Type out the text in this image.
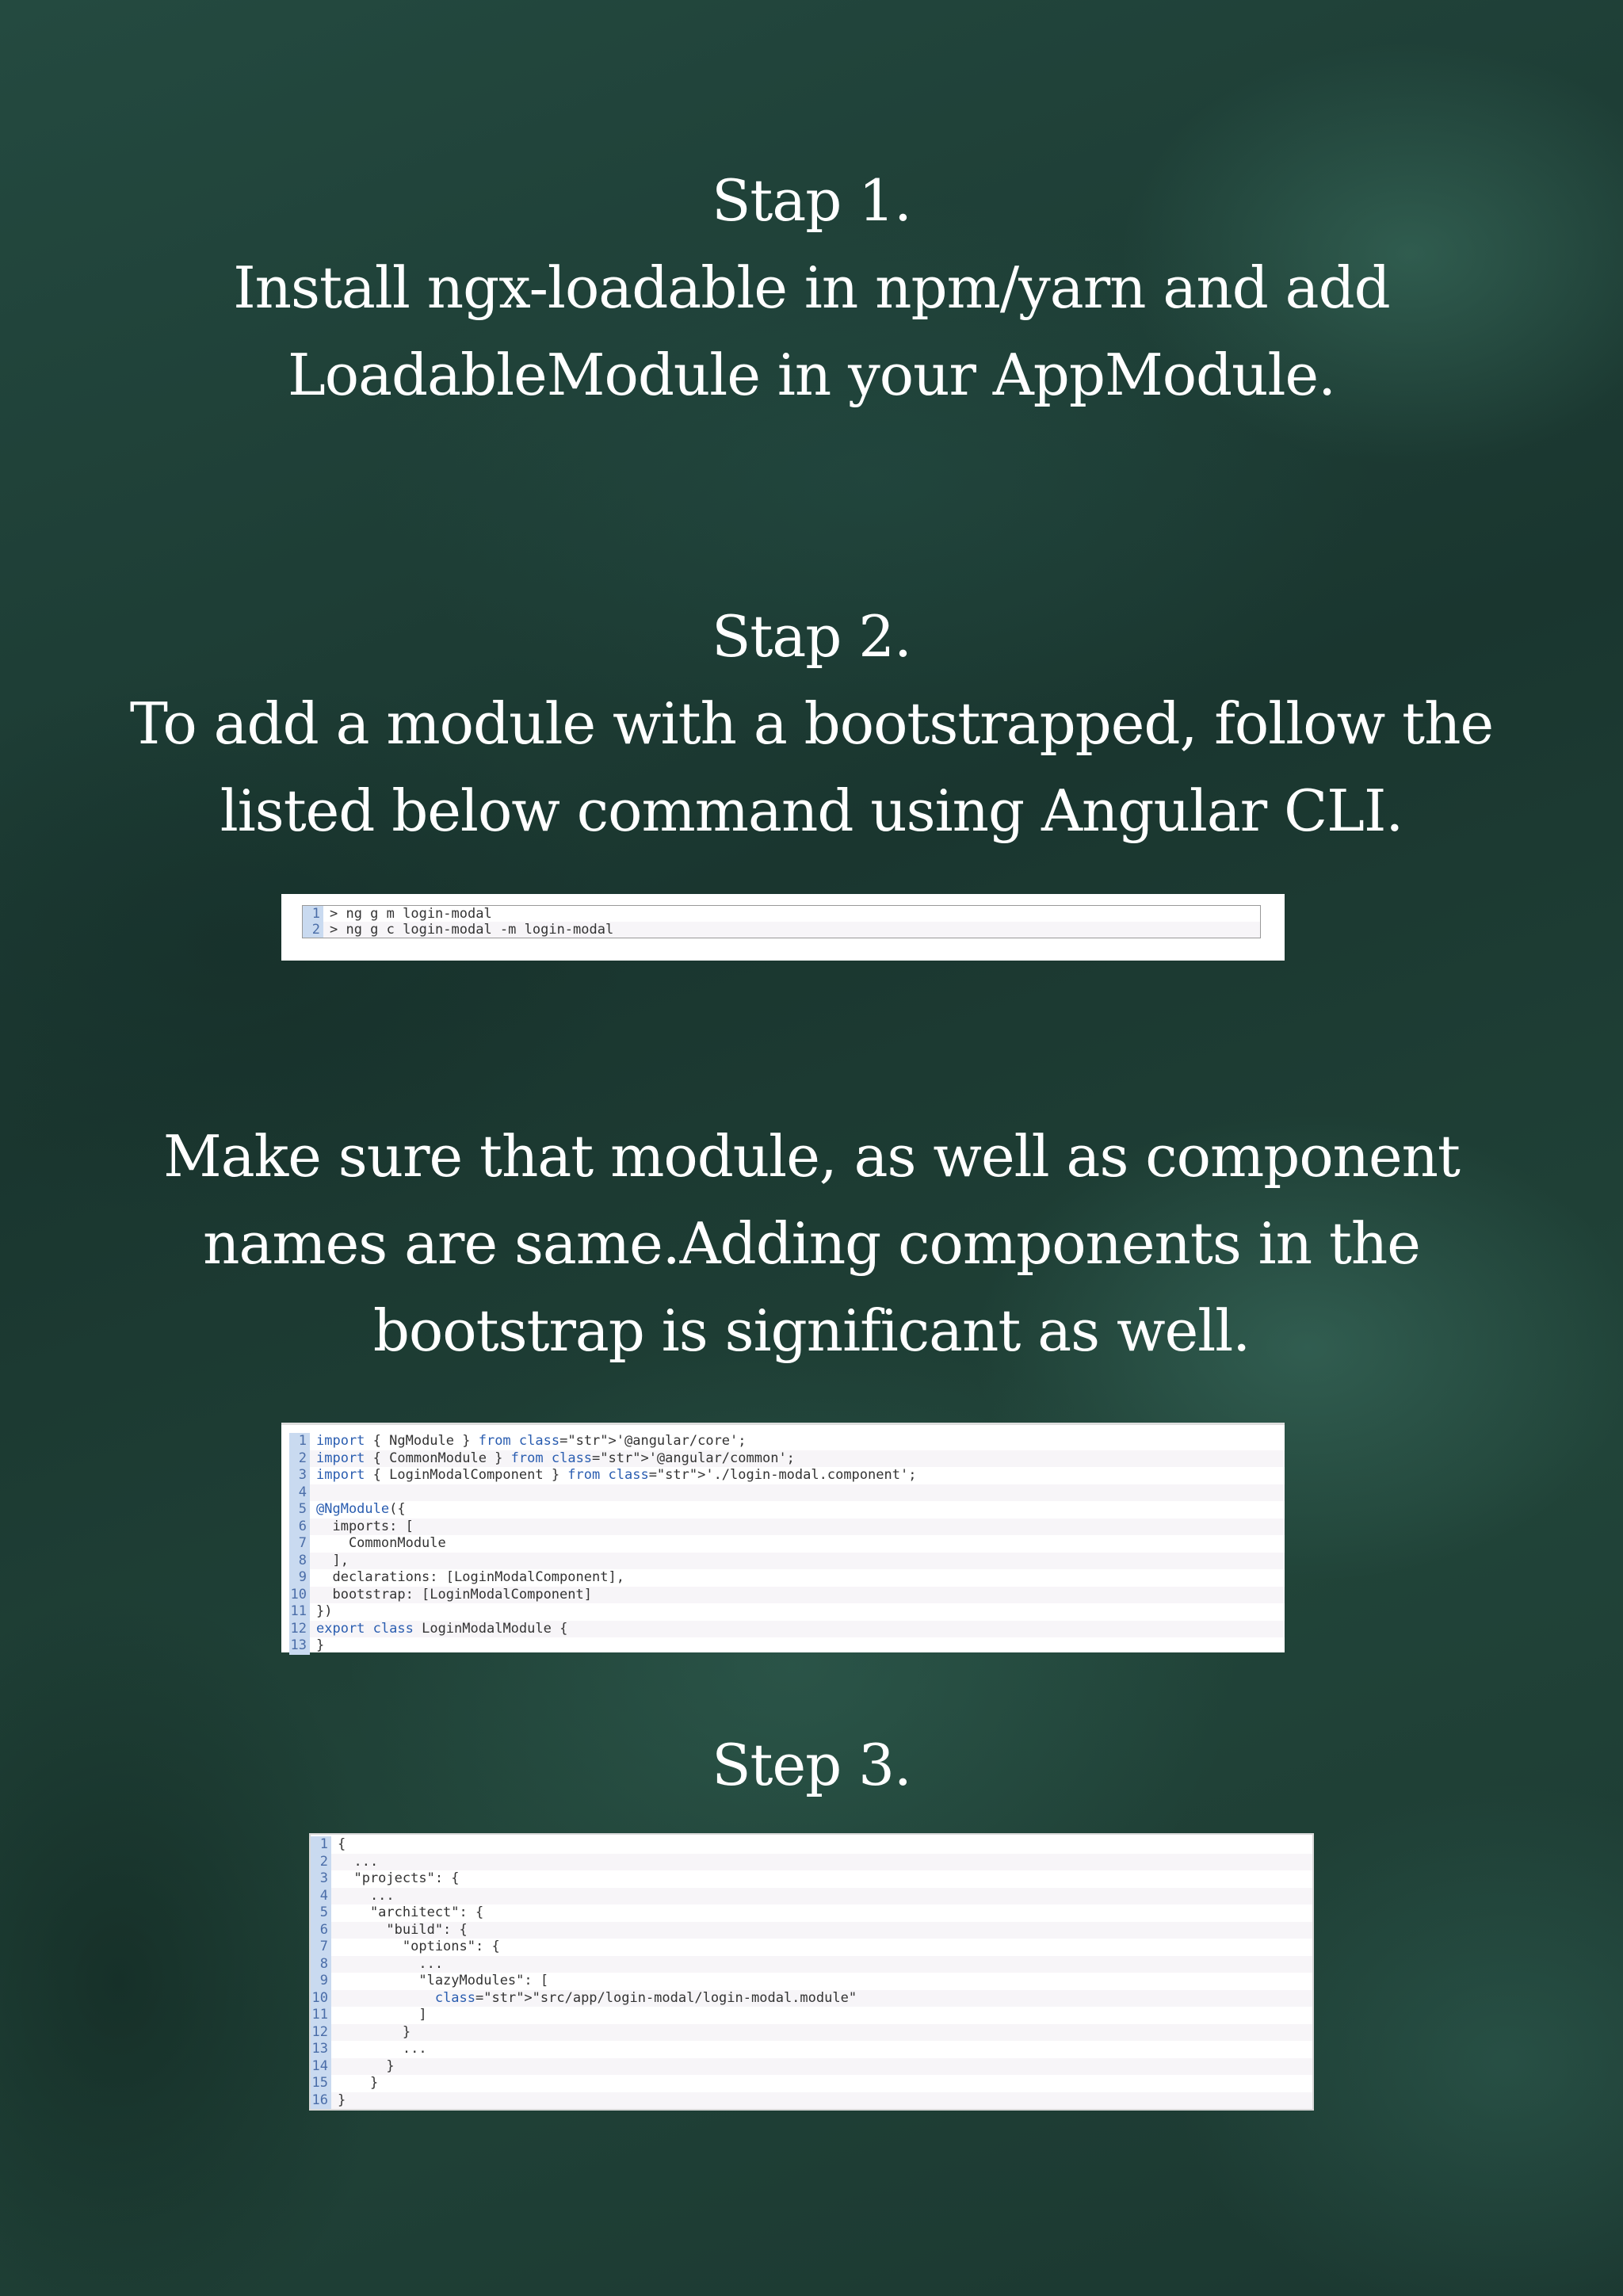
Stap 1.
Install ngx-loadable in npm/yarn and add
LoadableModule in your AppModule.
Stap 2.
To add a module with a bootstrapped, follow the
listed below command using Angular CLI.
1 > ng g m login-modal
2 > ng g c login-modal -m login-modal
Make sure that module, as well as component
names are same.Adding components in the
bootstrap is significant as well.
1 import { NgModule } from class="str">'@angular/core';
2 import { CommonModule } from class="str">'@angular/common';
3 import { LoginModalComponent } from class="str">'./login-modal.component';
4
5 @NgModule({
6 imports: [
7 CommonModule
8 ],
9 declarations: [LoginModalComponent],
10 bootstrap: [LoginModalComponent]
11 })
12 export class LoginModalModule {
13 }
Step 3.
1 {
2 ...
3 "projects": {
4 ...
5 "architect": {
6 "build": {
7 "options": {
8 ...
9 "lazyModules": [
10	class="str">"src/app/login-modal/login-modal.module"
11 ]
12 }
13 ...
14 }
15 }
16 }
